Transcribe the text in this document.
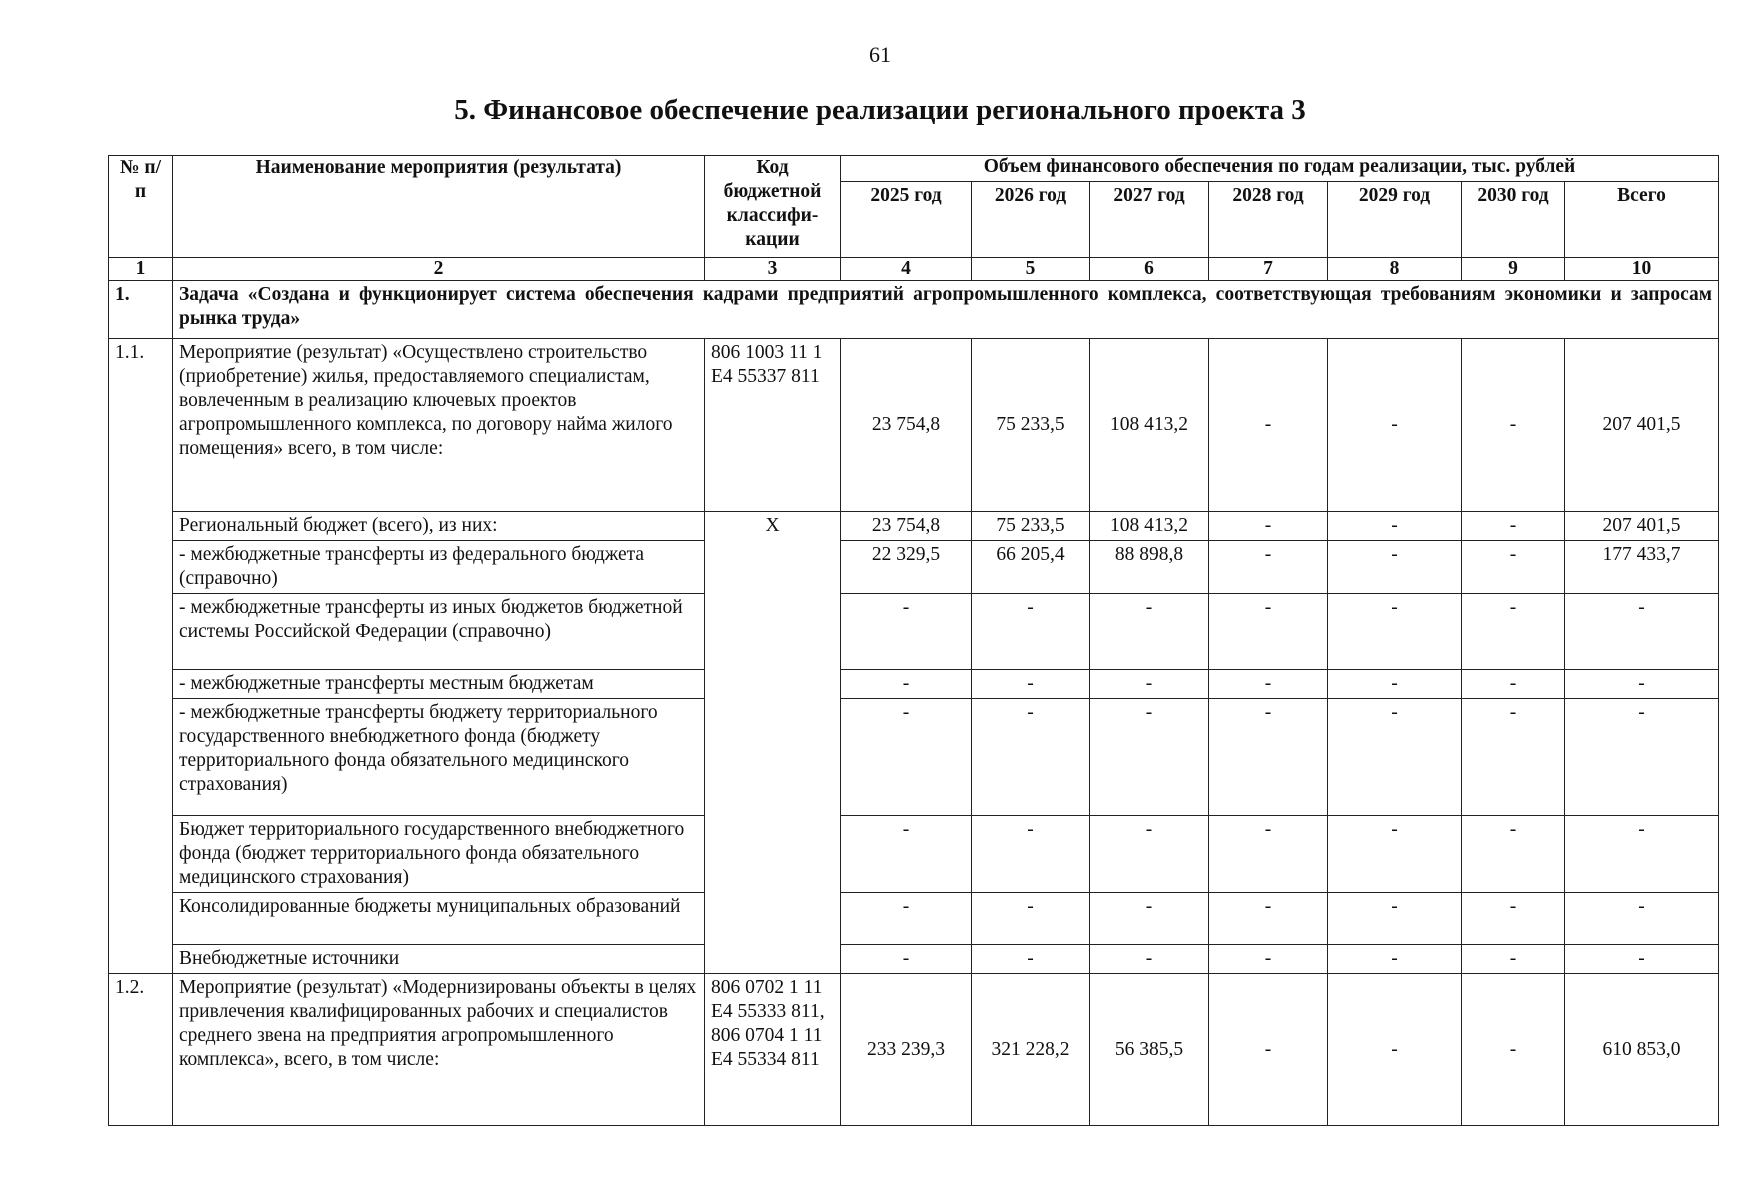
61
5. Финансовое обеспечение реализации регионального проекта 3
№ п/п	Наименование мероприятия (результата)	Код бюджетной классифи-кации	Объем финансового обеспечения по годам реализации, тыс. рублей						
			2025 год	2026 год	2027 год	2028 год	2029 год	2030 год	Всего
1	2	3	4	5	6	7	8	9	10
1.	Задача «Создана и функционирует система обеспечения кадрами предприятий агропромышленного комплекса, соответствующая требованиям экономики и запросам рынка труда»								
1.1.	Мероприятие (результат) «Осуществлено строительство (приобретение) жилья, предоставляемого специалистам, вовлеченным в реализацию ключевых проектов агропромышленного комплекса, по договору найма жилого помещения» всего, в том числе:	806 1003 11 1 Е4 55337 811	23 754,8	75 233,5	108 413,2	-	-	-	207 401,5
	Региональный бюджет (всего), из них:	Х	23 754,8	75 233,5	108 413,2	-	-	-	207 401,5
	- межбюджетные трансферты из федерального бюджета (справочно)		22 329,5	66 205,4	88 898,8	-	-	-	177 433,7
	- межбюджетные трансферты из иных бюджетов бюджетной системы Российской Федерации (справочно)		-	-	-	-	-	-	-
	- межбюджетные трансферты местным бюджетам		-	-	-	-	-	-	-
	- межбюджетные трансферты бюджету территориального государственного внебюджетного фонда (бюджету территориального фонда обязательного медицинского страхования)		-	-	-	-	-	-	-
	Бюджет территориального государственного внебюджетного фонда (бюджет территориального фонда обязательного медицинского страхования)		-	-	-	-	-	-	-
	Консолидированные бюджеты муниципальных образований		-	-	-	-	-	-	-
	Внебюджетные источники		-	-	-	-	-	-	-
1.2.	Мероприятие (результат) «Модернизированы объекты в целях привлечения квалифицированных рабочих и специалистов среднего звена на предприятия агропромышленного комплекса», всего, в том числе:	806 0702 1 11 Е4 55333 811, 806 0704 1 11 Е4 55334 811	233 239,3	321 228,2	56 385,5	-	-	-	610 853,0
